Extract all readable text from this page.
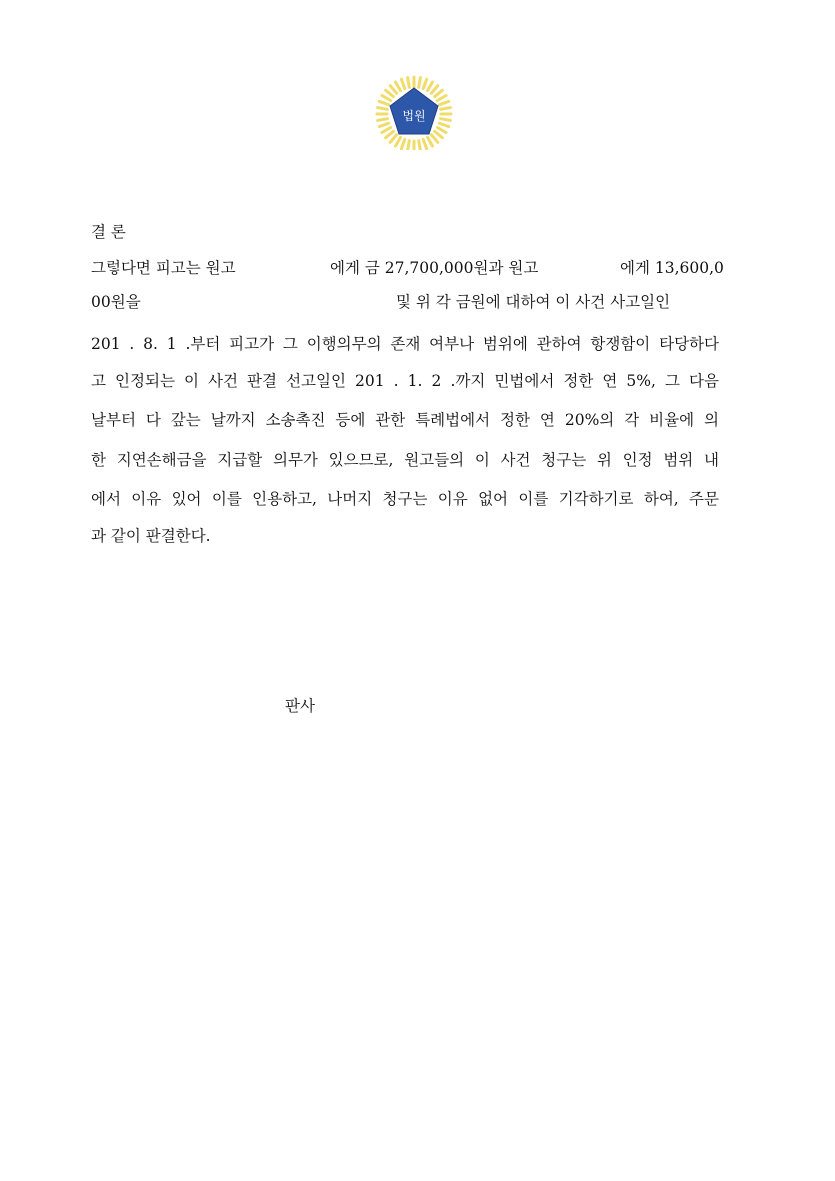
법원
결 론
그렇다면 피고는 원고	에게 금 27,700,000원과 원고	에게 13,600,0
00원을	및 위 각 금원에 대하여 이 사건 사고일인
201 . 8. 1 .부터 피고가 그 이행의무의 존재 여부나 범위에 관하여 항쟁함이 타당하다
고 인정되는 이 사건 판결 선고일인 201 . 1. 2 .까지 민법에서 정한 연 5%, 그 다음
날부터 다 갚는 날까지 소송촉진 등에 관한 특례법에서 정한 연 20%의 각 비율에 의
한 지연손해금을 지급할 의무가 있으므로, 원고들의 이 사건 청구는 위 인정 범위 내
에서 이유 있어 이를 인용하고, 나머지 청구는 이유 없어 이를 기각하기로 하여, 주문
과 같이 판결한다.
판사
